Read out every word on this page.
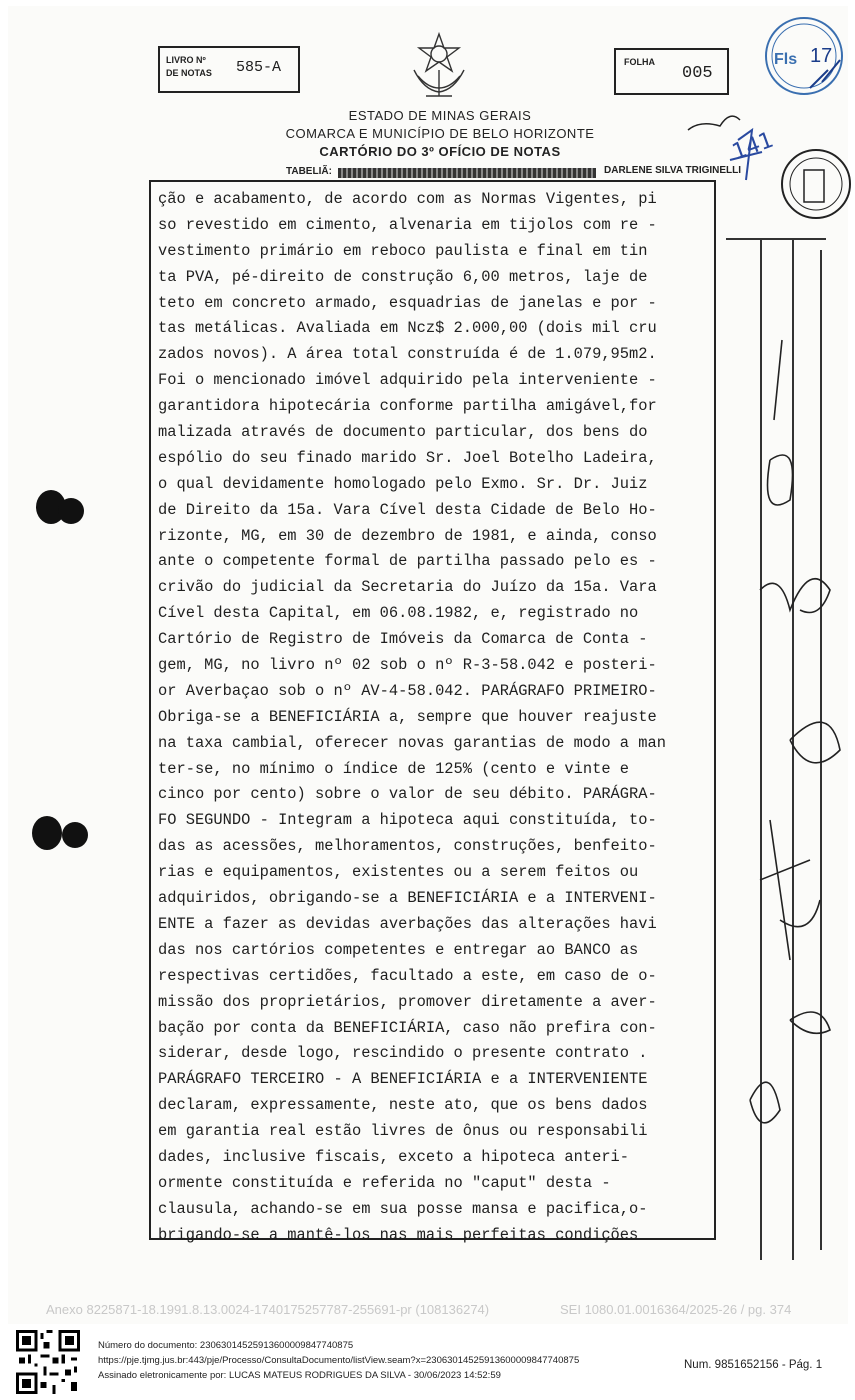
LIVRO Nº
DE NOTAS 585-A	FOLHA
005
Fls 17
ESTADO DE MINAS GERAIS
COMARCA E MUNICÍPIO DE BELO HORIZONTE
CARTÓRIO DO 3º OFÍCIO DE NOTAS
TABELIÃ:	DARLENE SILVA TRIGINELLI
141
ção e acabamento, de acordo com as Normas Vigentes, pi
so revestido em cimento, alvenaria em tijolos com re -
vestimento primário em reboco paulista e final em tin
ta PVA, pé-direito de construção 6,00 metros, laje de
teto em concreto armado, esquadrias de janelas e por -
tas metálicas. Avaliada em Ncz$ 2.000,00 (dois mil cru
zados novos). A área total construída é de 1.079,95m2.
Foi o mencionado imóvel adquirido pela interveniente -
garantidora hipotecária conforme partilha amigável,for
malizada através de documento particular, dos bens do
espólio do seu finado marido Sr. Joel Botelho Ladeira,
o qual devidamente homologado pelo Exmo. Sr. Dr. Juiz
de Direito da 15a. Vara Cível desta Cidade de Belo Ho-
rizonte, MG, em 30 de dezembro de 1981, e ainda, conso
ante o competente formal de partilha passado pelo es -
crivão do judicial da Secretaria do Juízo da 15a. Vara
Cível desta Capital, em 06.08.1982, e, registrado no
Cartório de Registro de Imóveis da Comarca de Conta -
gem, MG, no livro nº 02 sob o nº R-3-58.042 e posteri-
or Averbaçao sob o nº AV-4-58.042. PARÁGRAFO PRIMEIRO-
Obriga-se a BENEFICIÁRIA a, sempre que houver reajuste
na taxa cambial, oferecer novas garantias de modo a man
ter-se, no mínimo o índice de 125% (cento e vinte e
cinco por cento) sobre o valor de seu débito. PARÁGRA-
FO SEGUNDO - Integram a hipoteca aqui constituída, to-
das as acessões, melhoramentos, construções, benfeito-
rias e equipamentos, existentes ou a serem feitos ou
adquiridos, obrigando-se a BENEFICIÁRIA e a INTERVENI-
ENTE a fazer as devidas averbações das alterações havi
das nos cartórios competentes e entregar ao BANCO as
respectivas certidões, facultado a este, em caso de o-
missão dos proprietários, promover diretamente a aver-
bação por conta da BENEFICIÁRIA, caso não prefira con-
siderar, desde logo, rescindido o presente contrato .
PARÁGRAFO TERCEIRO - A BENEFICIÁRIA e a INTERVENIENTE
declaram, expressamente, neste ato, que os bens dados
em garantia real estão livres de ônus ou responsabili
dades, inclusive fiscais, exceto a hipoteca anteri-
ormente constituída e referida no "caput" desta -
clausula, achando-se em sua posse mansa e pacifica,o-
brigando-se a mantê-los nas mais perfeitas condições
Anexo 8225871-18.1991.8.13.0024-1740175257787-255691-pr (108136274)	SEI 1080.01.0016364/2025-26 / pg. 374
Número do documento: 23063014525913600009847740875
https://pje.tjmg.jus.br:443/pje/Processo/ConsultaDocumento/listView.seam?x=23063014525913600009847740875
Assinado eletronicamente por: LUCAS MATEUS RODRIGUES DA SILVA - 30/06/2023 14:52:59
Num. 9851652156 - Pág. 1
